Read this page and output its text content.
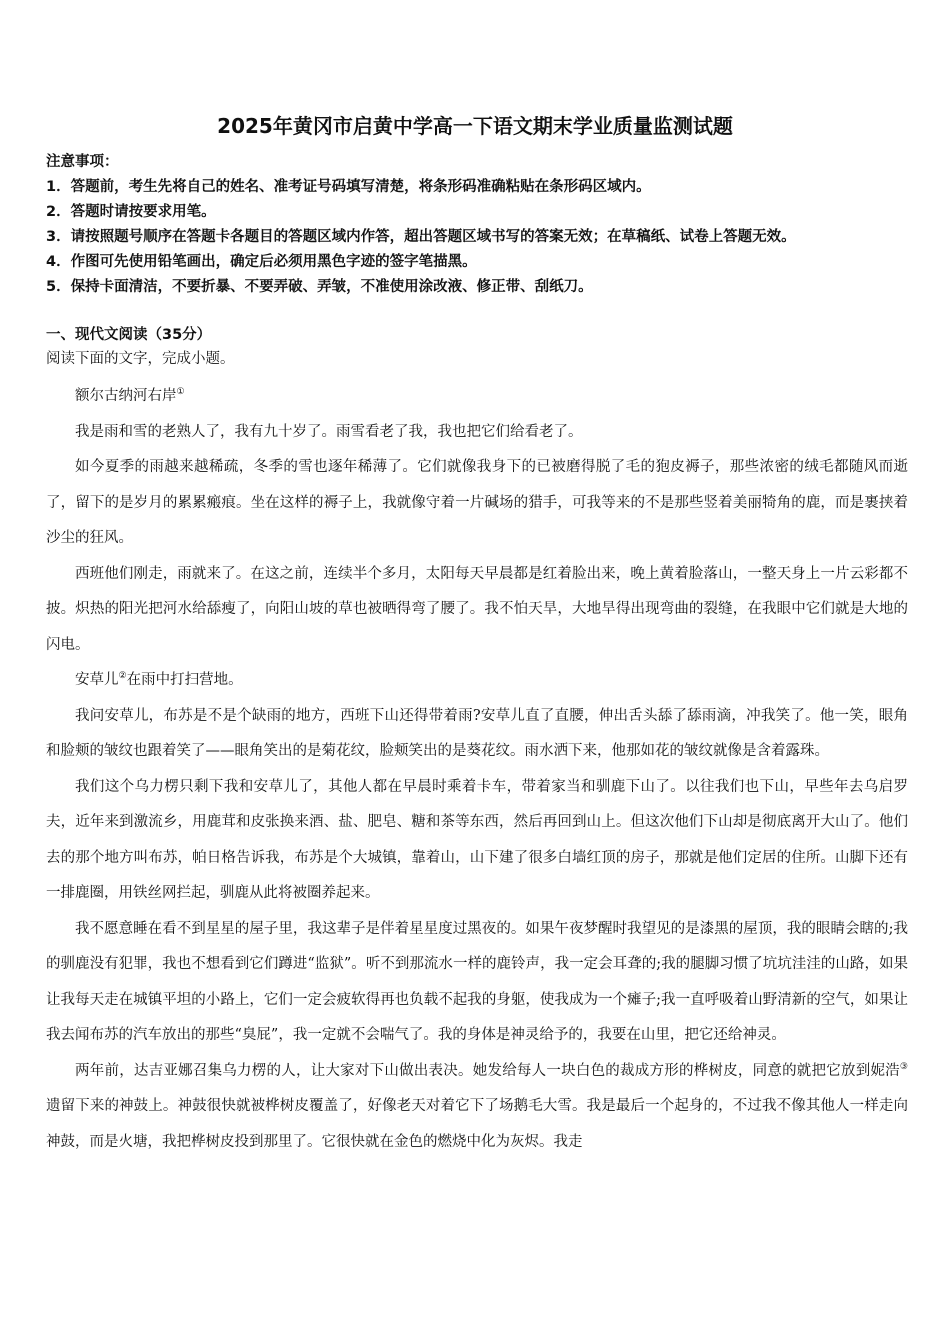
2025年黄冈市启黄中学高一下语文期末学业质量监测试题
注意事项：
1．答题前，考生先将自己的姓名、准考证号码填写清楚，将条形码准确粘贴在条形码区域内。
2．答题时请按要求用笔。
3．请按照题号顺序在答题卡各题目的答题区域内作答，超出答题区域书写的答案无效；在草稿纸、试卷上答题无效。
4．作图可先使用铅笔画出，确定后必须用黑色字迹的签字笔描黑。
5．保持卡面清洁，不要折暴、不要弄破、弄皱，不准使用涂改液、修正带、刮纸刀。
一、现代文阅读（35分）
阅读下面的文字，完成小题。

额尔古纳河右岸①

我是雨和雪的老熟人了，我有九十岁了。雨雪看老了我，我也把它们给看老了。

如今夏季的雨越来越稀疏，冬季的雪也逐年稀薄了。它们就像我身下的已被磨得脱了毛的狍皮褥子，那些浓密的绒毛都随风而逝了，留下的是岁月的累累瘢痕。坐在这样的褥子上，我就像守着一片碱场的猎手，可我等来的不是那些竖着美丽犄角的鹿，而是裹挟着沙尘的狂风。

西班他们刚走，雨就来了。在这之前，连续半个多月，太阳每天早晨都是红着脸出来，晚上黄着脸落山，一整天身上一片云彩都不披。炽热的阳光把河水给舔瘦了，向阳山坡的草也被晒得弯了腰了。我不怕天旱，大地旱得出现弯曲的裂缝，在我眼中它们就是大地的闪电。

安草儿②在雨中打扫营地。

我问安草儿，布苏是不是个缺雨的地方，西班下山还得带着雨?安草儿直了直腰，伸出舌头舔了舔雨滴，冲我笑了。他一笑，眼角和脸颊的皱纹也跟着笑了——眼角笑出的是菊花纹，脸颊笑出的是葵花纹。雨水洒下来，他那如花的皱纹就像是含着露珠。

我们这个乌力楞只剩下我和安草儿了，其他人都在早晨时乘着卡车，带着家当和驯鹿下山了。以往我们也下山，早些年去乌启罗夫，近年来到激流乡，用鹿茸和皮张换来酒、盐、肥皂、糖和茶等东西，然后再回到山上。但这次他们下山却是彻底离开大山了。他们去的那个地方叫布苏，帕日格告诉我，布苏是个大城镇，靠着山，山下建了很多白墙红顶的房子，那就是他们定居的住所。山脚下还有一排鹿圈，用铁丝网拦起，驯鹿从此将被圈养起来。

我不愿意睡在看不到星星的屋子里，我这辈子是伴着星星度过黑夜的。如果午夜梦醒时我望见的是漆黑的屋顶，我的眼睛会瞎的;我的驯鹿没有犯罪，我也不想看到它们蹲进“监狱”。听不到那流水一样的鹿铃声，我一定会耳聋的;我的腿脚习惯了坑坑洼洼的山路，如果让我每天走在城镇平坦的小路上，它们一定会疲软得再也负载不起我的身躯，使我成为一个瘫子;我一直呼吸着山野清新的空气，如果让我去闻布苏的汽车放出的那些“臭屁”，我一定就不会喘气了。我的身体是神灵给予的，我要在山里，把它还给神灵。

两年前，达吉亚娜召集乌力楞的人，让大家对下山做出表决。她发给每人一块白色的裁成方形的桦树皮，同意的就把它放到妮浩③遗留下来的神鼓上。神鼓很快就被桦树皮覆盖了，好像老天对着它下了场鹅毛大雪。我是最后一个起身的，不过我不像其他人一样走向神鼓，而是火塘，我把桦树皮投到那里了。它很快就在金色的燃烧中化为灰烬。我走
